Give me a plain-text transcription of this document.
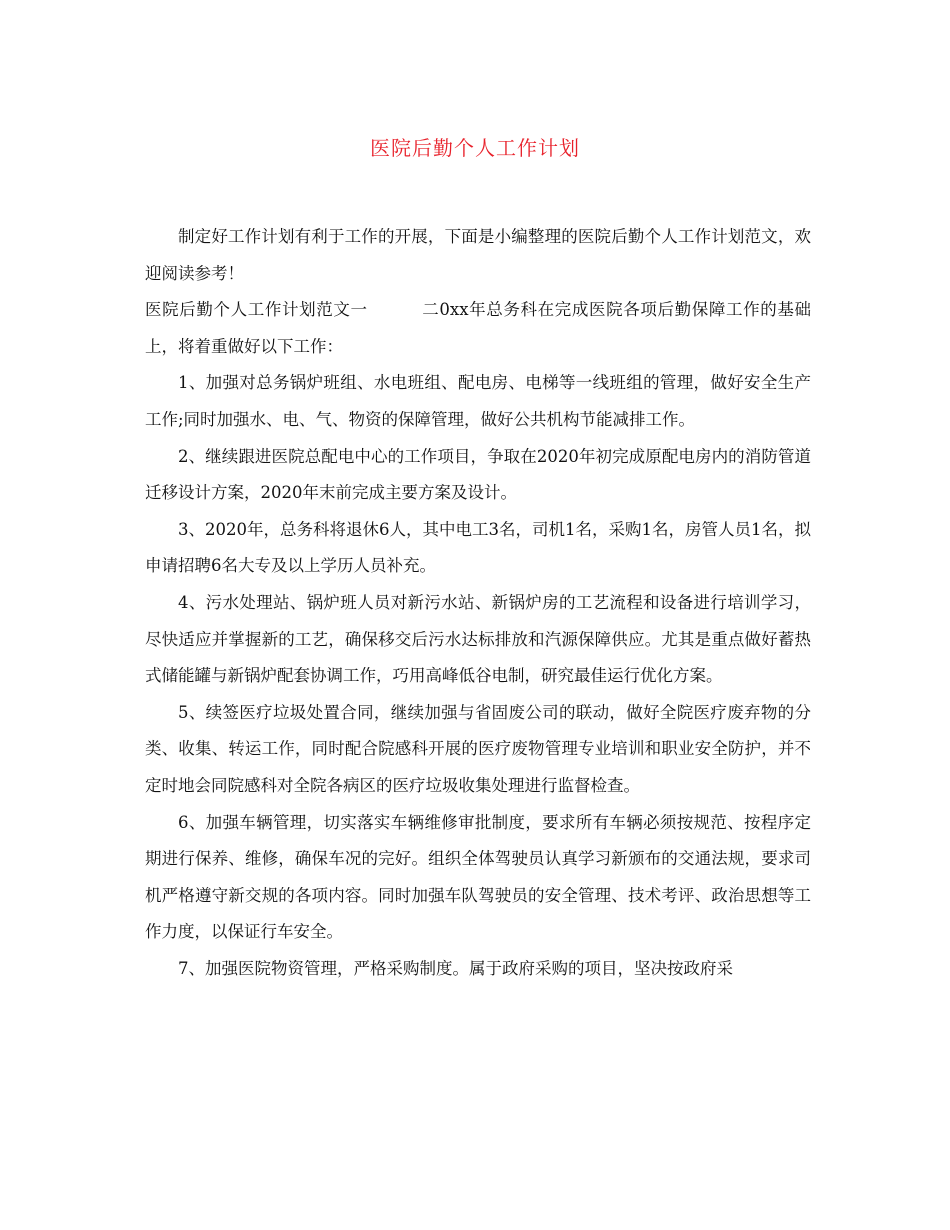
医院后勤个人工作计划

制定好工作计划有利于工作的开展，下面是小编整理的医院后勤个人工作计划范文，欢迎阅读参考！

医院后勤个人工作计划范文一	二0xx年总务科在完成医院各项后勤保障工作的基础上，将着重做好以下工作：

1、加强对总务锅炉班组、水电班组、配电房、电梯等一线班组的管理，做好安全生产工作;同时加强水、电、气、物资的保障管理，做好公共机构节能减排工作。

2、继续跟进医院总配电中心的工作项目，争取在2020年初完成原配电房内的消防管道迁移设计方案，2020年末前完成主要方案及设计。

3、2020年，总务科将退休6人，其中电工3名，司机1名，采购1名，房管人员1名，拟申请招聘6名大专及以上学历人员补充。

4、污水处理站、锅炉班人员对新污水站、新锅炉房的工艺流程和设备进行培训学习，尽快适应并掌握新的工艺，确保移交后污水达标排放和汽源保障供应。尤其是重点做好蓄热式储能罐与新锅炉配套协调工作，巧用高峰低谷电制，研究最佳运行优化方案。

5、续签医疗垃圾处置合同，继续加强与省固废公司的联动，做好全院医疗废弃物的分类、收集、转运工作，同时配合院感科开展的医疗废物管理专业培训和职业安全防护，并不定时地会同院感科对全院各病区的医疗垃圾收集处理进行监督检查。

6、加强车辆管理，切实落实车辆维修审批制度，要求所有车辆必须按规范、按程序定期进行保养、维修，确保车况的完好。组织全体驾驶员认真学习新颁布的交通法规，要求司机严格遵守新交规的各项内容。同时加强车队驾驶员的安全管理、技术考评、政治思想等工作力度，以保证行车安全。

7、加强医院物资管理，严格采购制度。属于政府采购的项目，坚决按政府采
